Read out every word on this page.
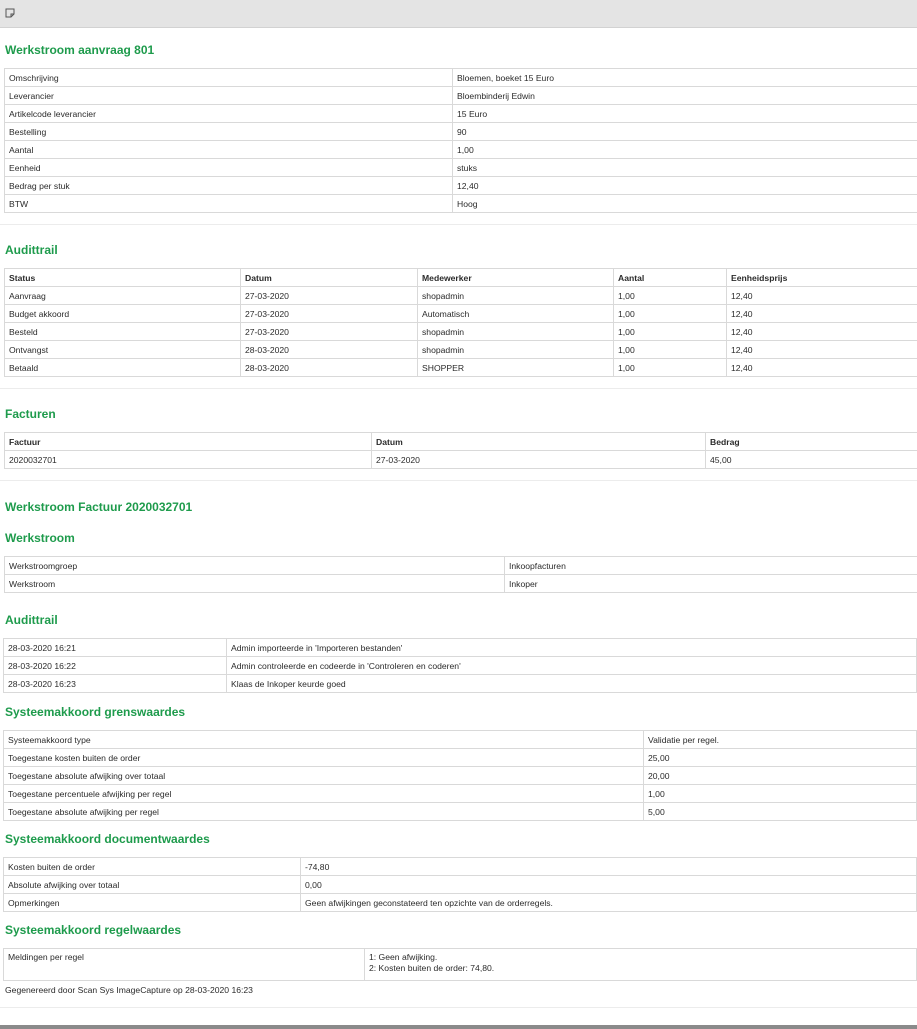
Werkstroom aanvraag 801
Omschrijving	Bloemen, boeket 15 Euro
Leverancier	Bloembinderij Edwin
Artikelcode leverancier	15 Euro
Bestelling	90
Aantal	1,00
Eenheid	stuks
Bedrag per stuk	12,40
BTW	Hoog
Audittrail
Status	Datum	Medewerker	Aantal	Eenheidsprijs
Aanvraag	27-03-2020	shopadmin	1,00	12,40
Budget akkoord	27-03-2020	Automatisch	1,00	12,40
Besteld	27-03-2020	shopadmin	1,00	12,40
Ontvangst	28-03-2020	shopadmin	1,00	12,40
Betaald	28-03-2020	SHOPPER	1,00	12,40
Facturen
Factuur	Datum	Bedrag
2020032701	27-03-2020	45,00
Werkstroom Factuur 2020032701
Werkstroom
Werkstroomgroep	Inkoopfacturen
Werkstroom	Inkoper
Audittrail
28-03-2020 16:21	Admin importeerde in 'Importeren bestanden'
28-03-2020 16:22	Admin controleerde en codeerde in 'Controleren en coderen'
28-03-2020 16:23	Klaas de Inkoper keurde goed
Systeemakkoord grenswaardes
Systeemakkoord type	Validatie per regel.
Toegestane kosten buiten de order	25,00
Toegestane absolute afwijking over totaal	20,00
Toegestane percentuele afwijking per regel	1,00
Toegestane absolute afwijking per regel	5,00
Systeemakkoord documentwaardes
Kosten buiten de order	-74,80
Absolute afwijking over totaal	0,00
Opmerkingen	Geen afwijkingen geconstateerd ten opzichte van de orderregels.
Systeemakkoord regelwaardes
Meldingen per regel	1: Geen afwijking.
2: Kosten buiten de order: 74,80.
Gegenereerd door Scan Sys ImageCapture op 28-03-2020 16:23
